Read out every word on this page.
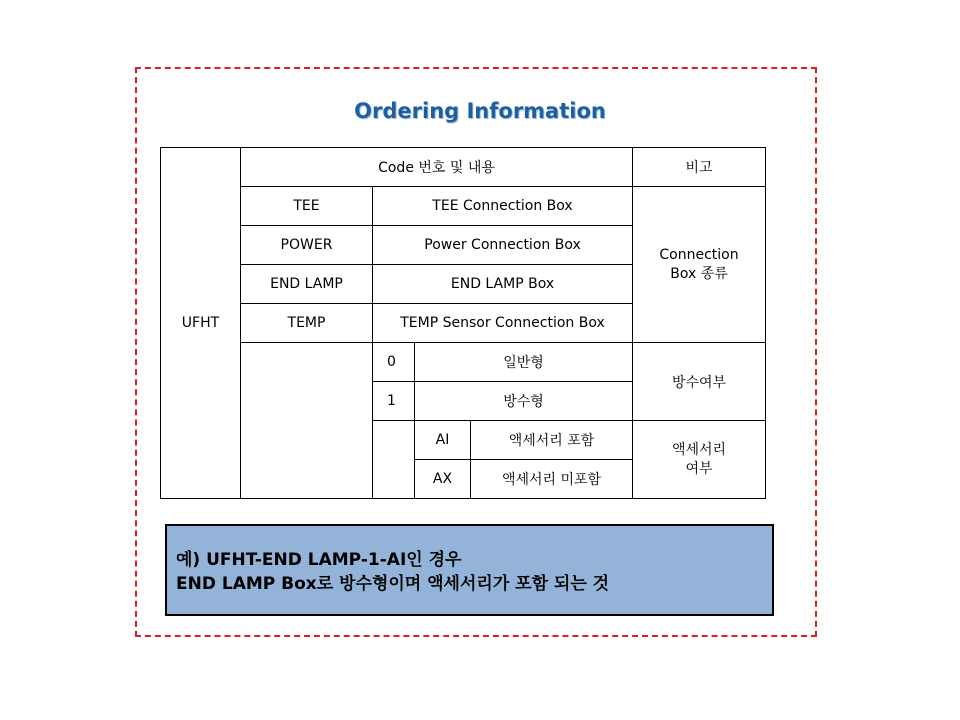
Ordering Information
UFHT	Code 번호 및 내용				비고
	TEE	TEE Connection Box			Connection Box 종류

	POWER	Power Connection Box			
	END LAMP	END LAMP Box			
	TEMP	TEMP Sensor Connection Box			
		0	일반형		방수여부
		1	방수형		
			AI	액세서리 포함	액세서리 여부

			AX	액세서리 미포함	
예) UFHT-END LAMP-1-AI인 경우
END LAMP Box로 방수형이며 액세서리가 포함 되는 것
